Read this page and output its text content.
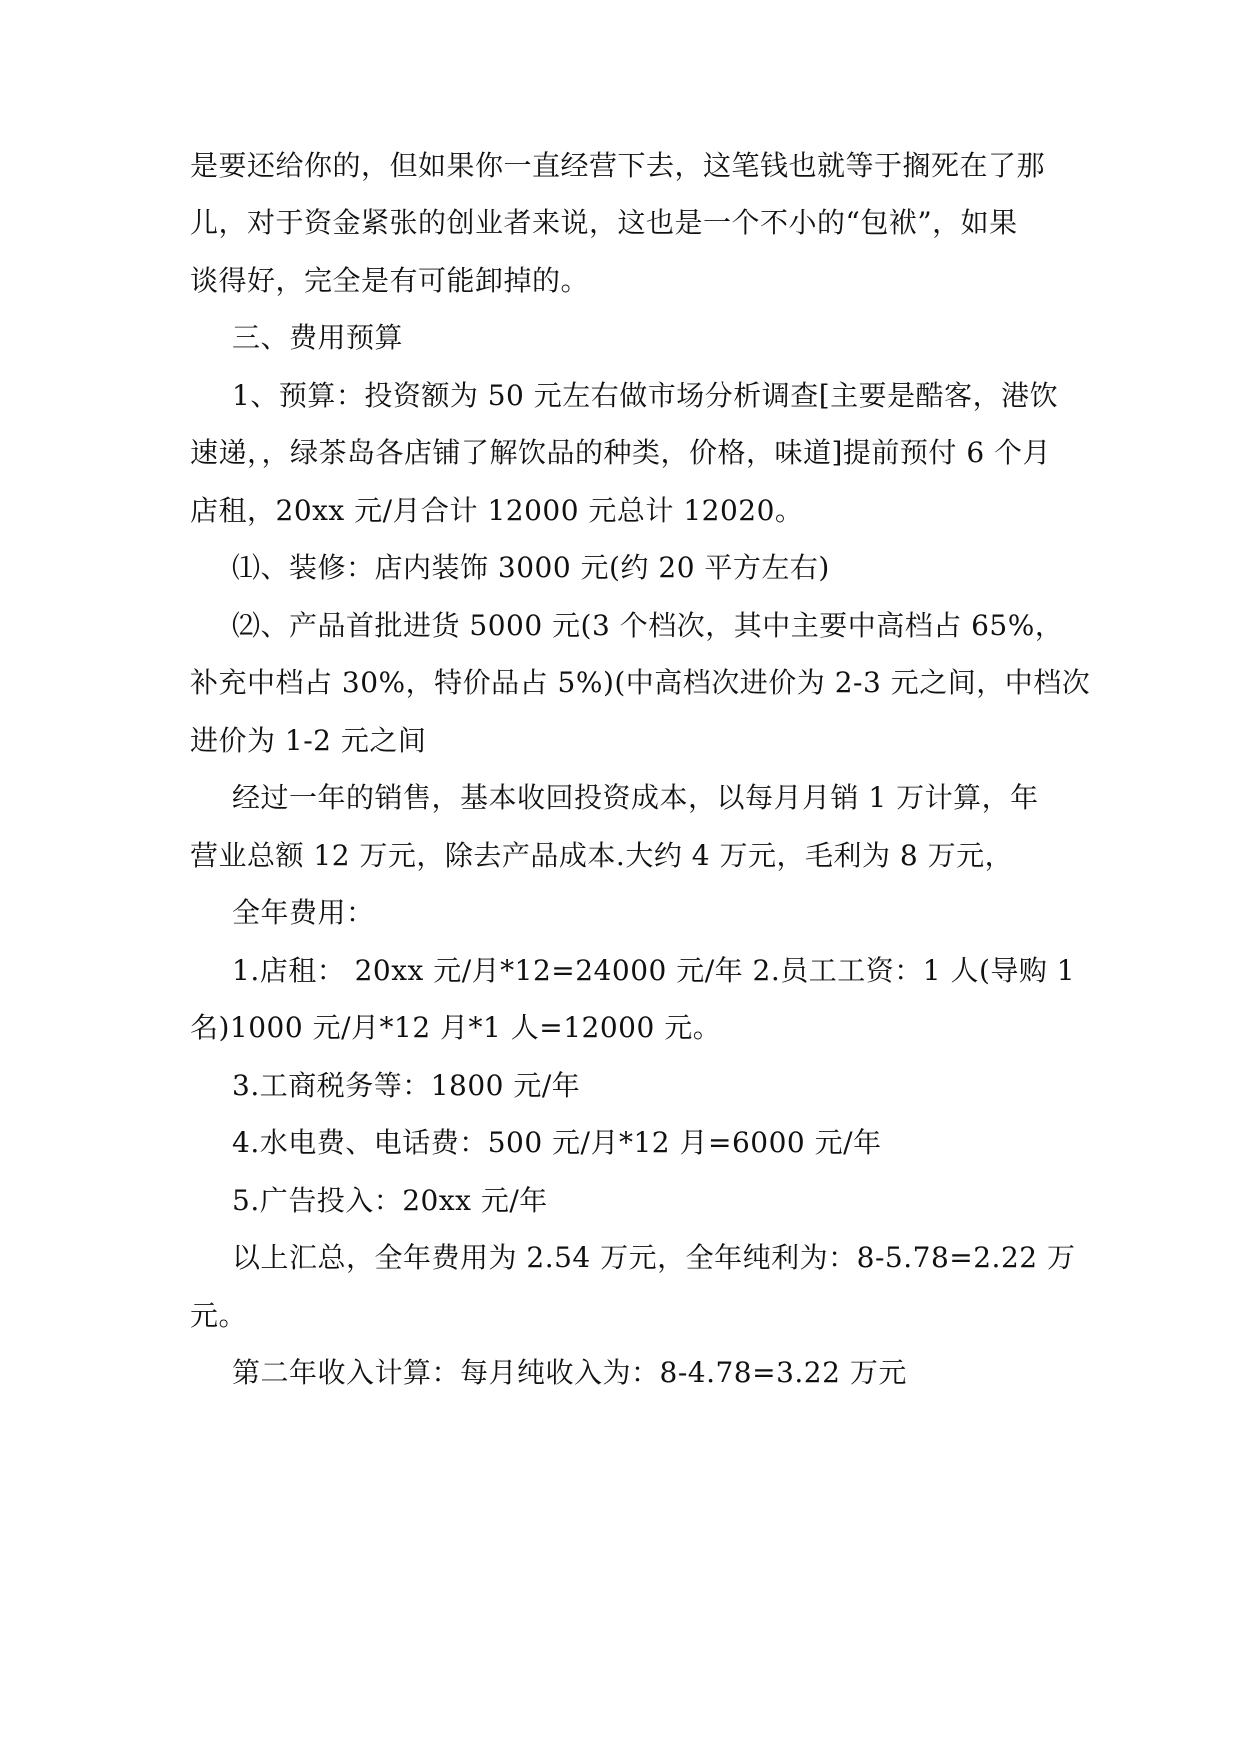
是要还给你的，但如果你一直经营下去，这笔钱也就等于搁死在了那
儿，对于资金紧张的创业者来说，这也是一个不小的“包袱”，如果
谈得好，完全是有可能卸掉的。
三、费用预算
1、预算：投资额为 50 元左右做市场分析调查[主要是酷客，港饮
速递，，绿茶岛各店铺了解饮品的种类，价格，味道]提前预付 6 个月
店租，20xx 元/月合计 12000 元总计 12020。
⑴、装修：店内装饰 3000 元(约 20 平方左右)
⑵、产品首批进货 5000 元(3 个档次，其中主要中高档占 65%，
补充中档占 30%，特价品占 5%)(中高档次进价为 2-3 元之间，中档次
进价为 1-2 元之间
经过一年的销售，基本收回投资成本，以每月月销 1 万计算，年
营业总额 12 万元，除去产品成本.大约 4 万元，毛利为 8 万元，
全年费用：
1.店租： 20xx 元/月*12=24000 元/年 2.员工工资：1 人(导购 1
名)1000 元/月*12 月*1 人=12000 元。
3.工商税务等：1800 元/年
4.水电费、电话费：500 元/月*12 月=6000 元/年
5.广告投入：20xx 元/年
以上汇总，全年费用为 2.54 万元，全年纯利为：8-5.78=2.22 万
元。
第二年收入计算：每月纯收入为：8-4.78=3.22 万元
